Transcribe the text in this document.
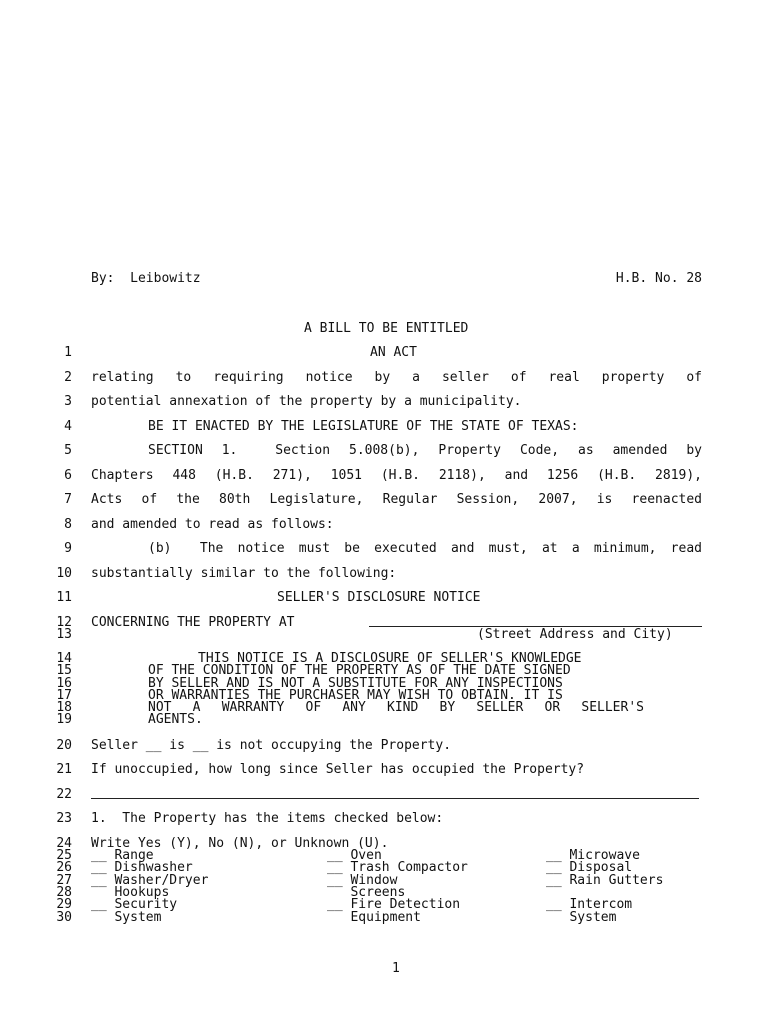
By:  Leibowitz	H.B. No. 28
A BILL TO BE ENTITLED
1
2
3
4
5
6
7
8
9
10
11
12
13
14
15
16
17
18
19
20
21
22
23
24
25
26
27
28
29
30
AN ACT
relating to requiring notice by a seller of real property of
potential annexation of the property by a municipality.
BE IT ENACTED BY THE LEGISLATURE OF THE STATE OF TEXAS:
SECTION 1.  Section 5.008(b), Property Code, as amended by
Chapters 448 (H.B. 271), 1051 (H.B. 2118), and 1256 (H.B. 2819),
Acts of the 80th Legislature, Regular Session, 2007, is reenacted
and amended to read as follows:
(b)  The notice must be executed and must, at a minimum, read
substantially similar to the following:
SELLER'S DISCLOSURE NOTICE
CONCERNING THE PROPERTY AT
(Street Address and City)
THIS NOTICE IS A DISCLOSURE OF SELLER'S KNOWLEDGE
OF THE CONDITION OF THE PROPERTY AS OF THE DATE SIGNED
BY SELLER AND IS NOT A SUBSTITUTE FOR ANY INSPECTIONS
OR WARRANTIES THE PURCHASER MAY WISH TO OBTAIN. IT IS
NOT A WARRANTY OF ANY KIND BY SELLER OR SELLER'S
AGENTS.
Seller __ is __ is not occupying the Property.
If unoccupied, how long since Seller has occupied the Property?
1.  The Property has the items checked below:
Write Yes (Y), No (N), or Unknown (U).
__ Range
__ Dishwasher
__ Washer/Dryer
Hookups
__ Security
System
__ Oven
__ Trash Compactor
__ Window
Screens
__ Fire Detection
Equipment
__ Microwave
__ Disposal
__ Rain Gutters
__ Intercom
System
1
